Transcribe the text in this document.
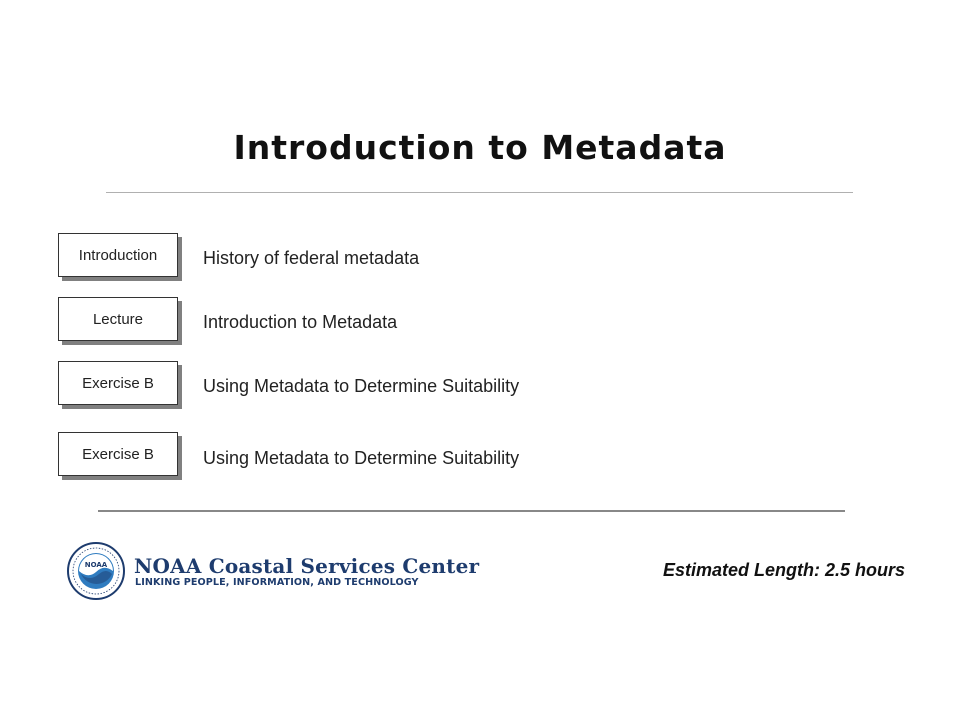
Introduction to Metadata
Introduction	History of federal metadata
Lecture	Introduction to Metadata
Exercise B	Using Metadata to Determine Suitability
Exercise B	Using Metadata to Determine Suitability
NOAA NOAA Coastal Services Center
LINKING PEOPLE, INFORMATION, AND TECHNOLOGY
Estimated Length: 2.5 hours
